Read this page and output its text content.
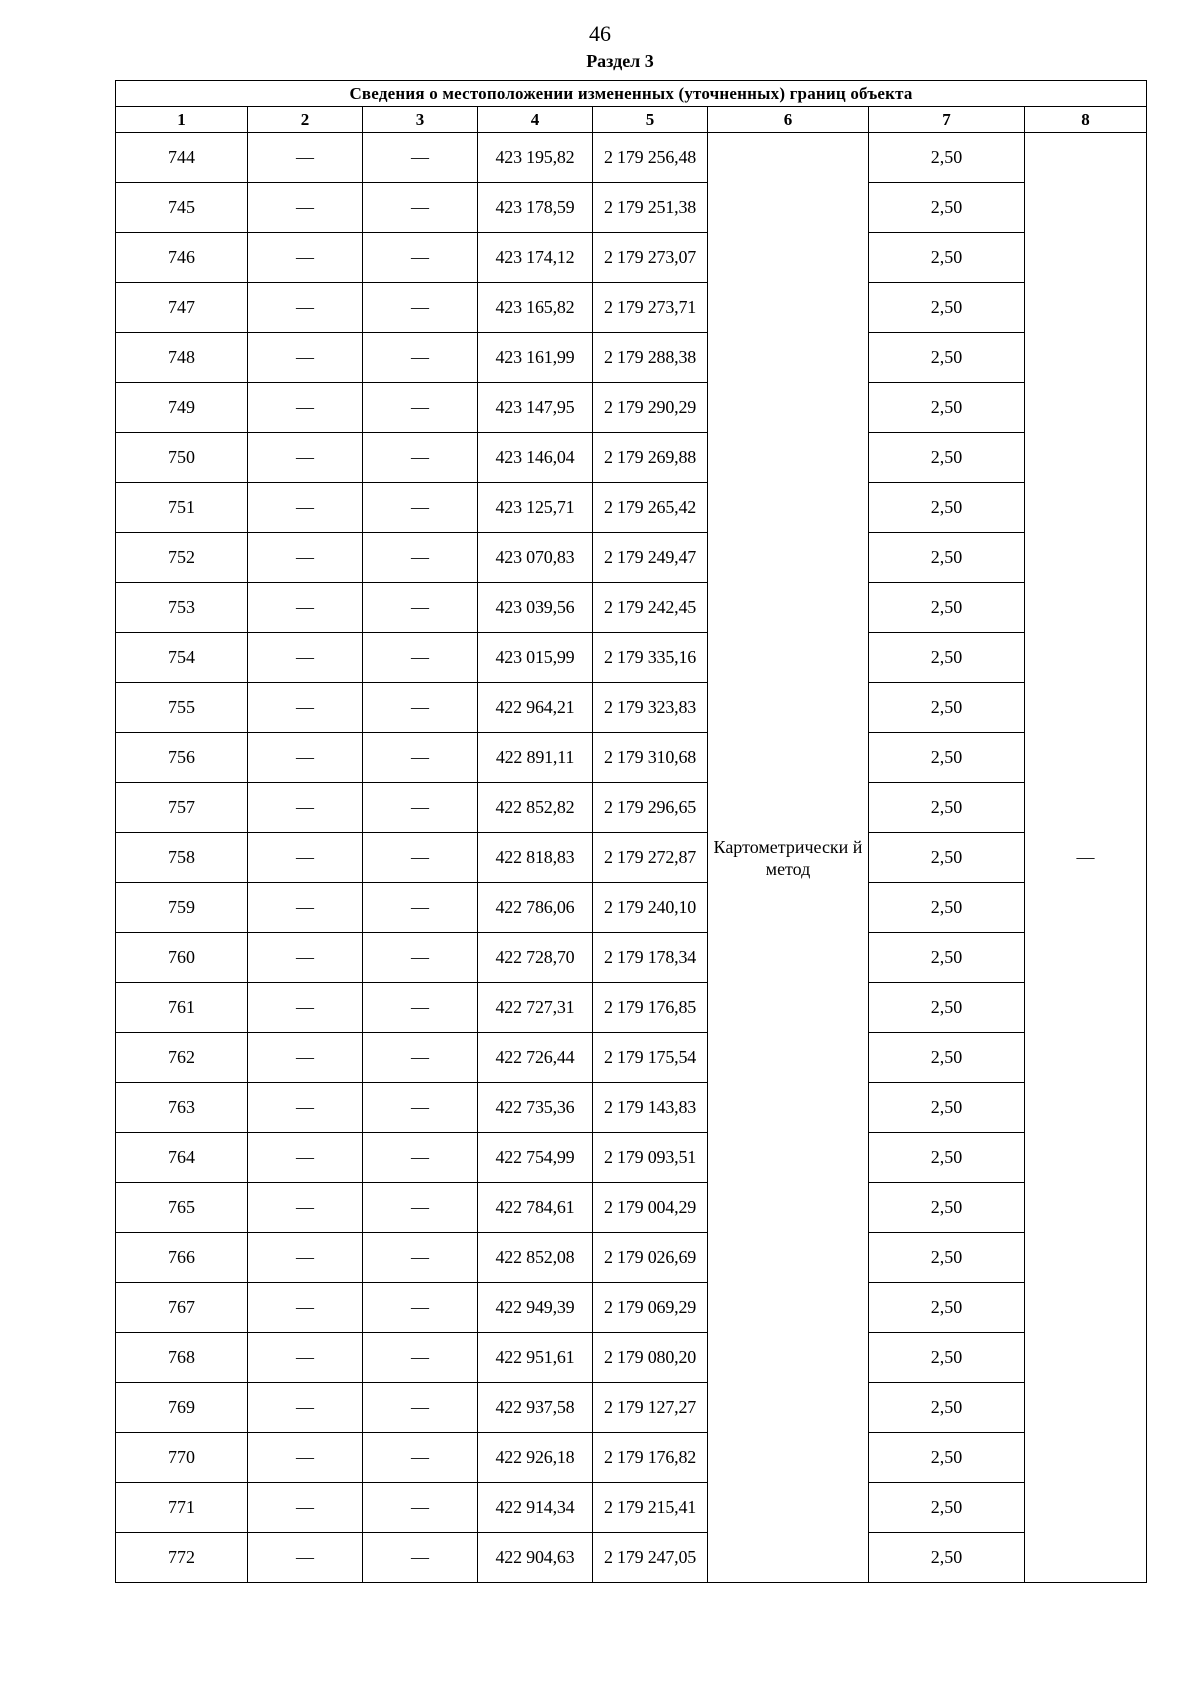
46
Раздел 3
Сведения о местоположении измененных (уточненных) границ объекта							
1	2	3	4	5	6	7	8
744	—	—	423 195,82	2 179 256,48	Картометрически й метод	2,50	—
745	—	—	423 178,59	2 179 251,38		2,50	
746	—	—	423 174,12	2 179 273,07		2,50	
747	—	—	423 165,82	2 179 273,71		2,50	
748	—	—	423 161,99	2 179 288,38		2,50	
749	—	—	423 147,95	2 179 290,29		2,50	
750	—	—	423 146,04	2 179 269,88		2,50	
751	—	—	423 125,71	2 179 265,42		2,50	
752	—	—	423 070,83	2 179 249,47		2,50	
753	—	—	423 039,56	2 179 242,45		2,50	
754	—	—	423 015,99	2 179 335,16		2,50	
755	—	—	422 964,21	2 179 323,83		2,50	
756	—	—	422 891,11	2 179 310,68		2,50	
757	—	—	422 852,82	2 179 296,65		2,50	
758	—	—	422 818,83	2 179 272,87		2,50	
759	—	—	422 786,06	2 179 240,10		2,50	
760	—	—	422 728,70	2 179 178,34		2,50	
761	—	—	422 727,31	2 179 176,85		2,50	
762	—	—	422 726,44	2 179 175,54		2,50	
763	—	—	422 735,36	2 179 143,83		2,50	
764	—	—	422 754,99	2 179 093,51		2,50	
765	—	—	422 784,61	2 179 004,29		2,50	
766	—	—	422 852,08	2 179 026,69		2,50	
767	—	—	422 949,39	2 179 069,29		2,50	
768	—	—	422 951,61	2 179 080,20		2,50	
769	—	—	422 937,58	2 179 127,27		2,50	
770	—	—	422 926,18	2 179 176,82		2,50	
771	—	—	422 914,34	2 179 215,41		2,50	
772	—	—	422 904,63	2 179 247,05		2,50	
